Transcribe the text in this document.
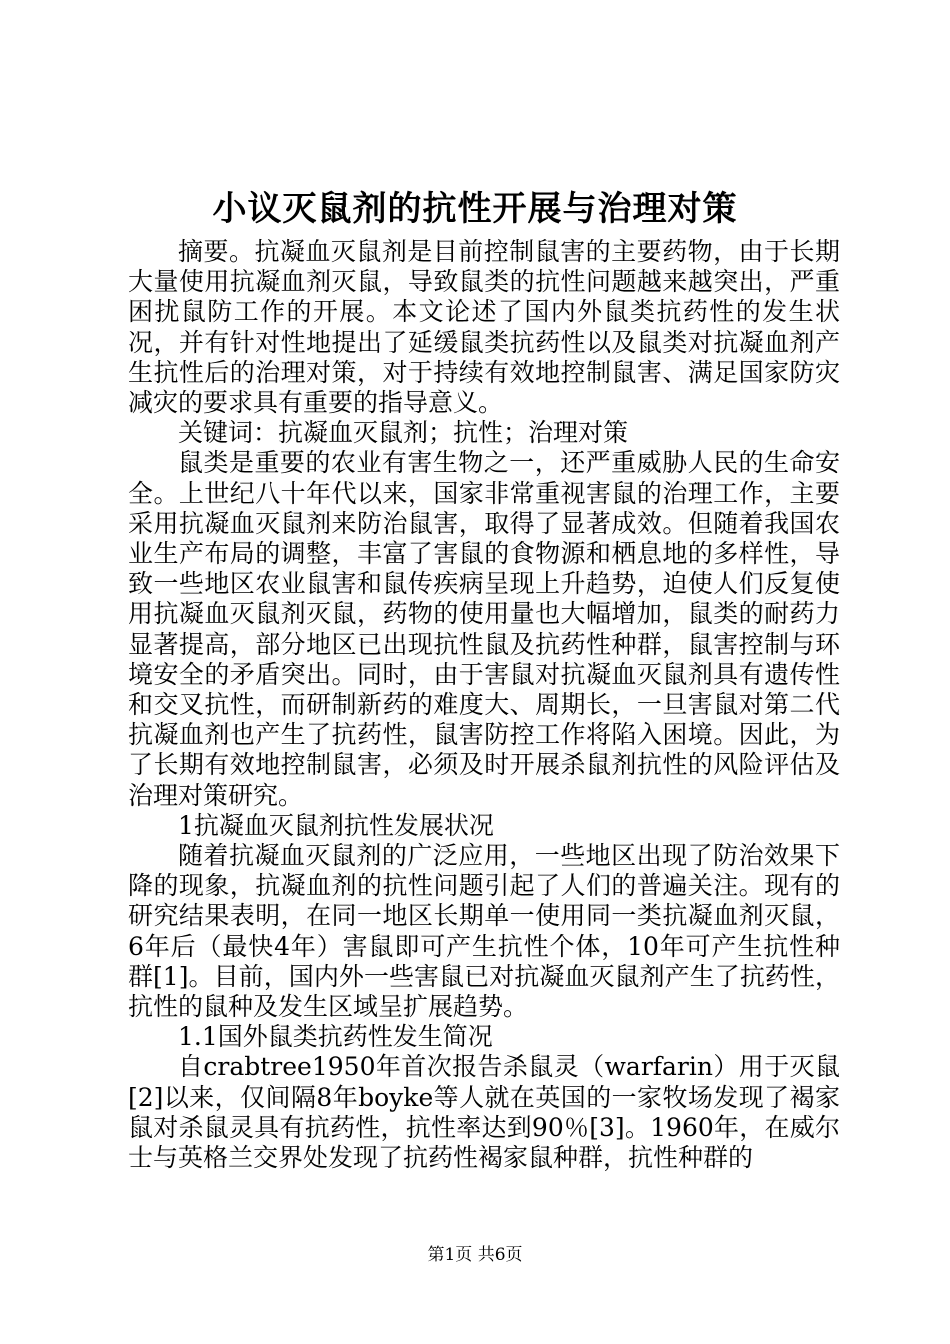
小议灭鼠剂的抗性开展与治理对策

摘要。抗凝血灭鼠剂是目前控制鼠害的主要药物，由于长期大量使用抗凝血剂灭鼠，导致鼠类的抗性问题越来越突出，严重困扰鼠防工作的开展。本文论述了国内外鼠类抗药性的发生状况，并有针对性地提出了延缓鼠类抗药性以及鼠类对抗凝血剂产生抗性后的治理对策，对于持续有效地控制鼠害、满足国家防灾减灾的要求具有重要的指导意义。

关键词：抗凝血灭鼠剂；抗性；治理对策

鼠类是重要的农业有害生物之一，还严重威胁人民的生命安全。上世纪八十年代以来，国家非常重视害鼠的治理工作，主要采用抗凝血灭鼠剂来防治鼠害，取得了显著成效。但随着我国农业生产布局的调整，丰富了害鼠的食物源和栖息地的多样性，导致一些地区农业鼠害和鼠传疾病呈现上升趋势，迫使人们反复使用抗凝血灭鼠剂灭鼠，药物的使用量也大幅增加，鼠类的耐药力显著提高，部分地区已出现抗性鼠及抗药性种群，鼠害控制与环境安全的矛盾突出。同时，由于害鼠对抗凝血灭鼠剂具有遗传性和交叉抗性，而研制新药的难度大、周期长，一旦害鼠对第二代抗凝血剂也产生了抗药性，鼠害防控工作将陷入困境。因此，为了长期有效地控制鼠害，必须及时开展杀鼠剂抗性的风险评估及治理对策研究。

1抗凝血灭鼠剂抗性发展状况

随着抗凝血灭鼠剂的广泛应用，一些地区出现了防治效果下降的现象，抗凝血剂的抗性问题引起了人们的普遍关注。现有的研究结果表明，在同一地区长期单一使用同一类抗凝血剂灭鼠，6年后（最快4年）害鼠即可产生抗性个体，10年可产生抗性种群[1]。目前，国内外一些害鼠已对抗凝血灭鼠剂产生了抗药性，抗性的鼠种及发生区域呈扩展趋势。

1.1国外鼠类抗药性发生简况

自crabtree1950年首次报告杀鼠灵（warfarin）用于灭鼠[2]以来，仅间隔8年boyke等人就在英国的一家牧场发现了褐家鼠对杀鼠灵具有抗药性，抗性率达到90％[3]。1960年，在威尔士与英格兰交界处发现了抗药性褐家鼠种群，抗性种群的

第1页 共6页
